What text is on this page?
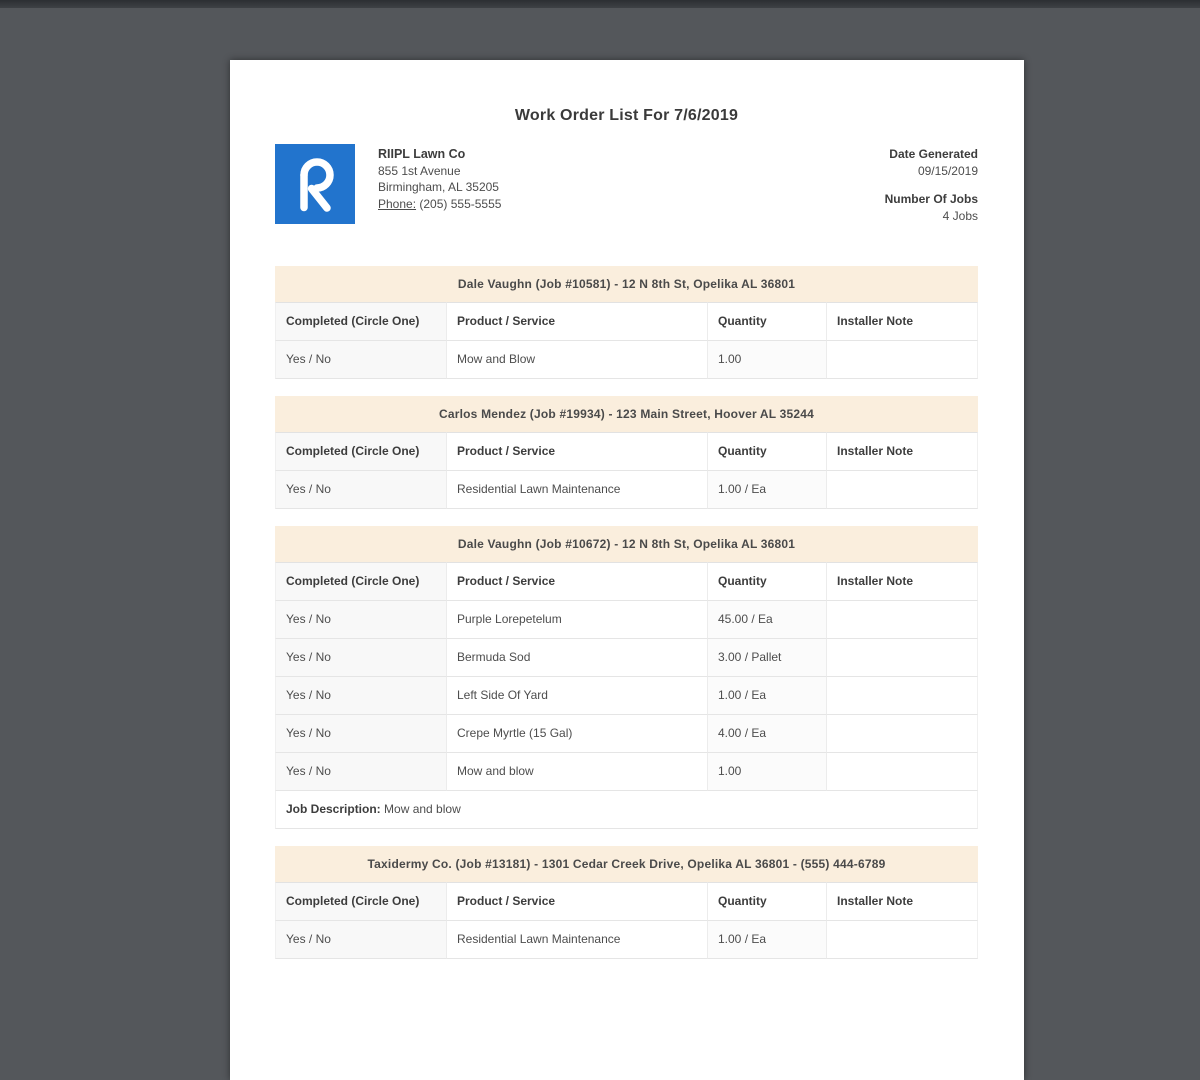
Work Order List For 7/6/2019
RIIPL Lawn Co
855 1st Avenue
Birmingham, AL 35205
Phone: (205) 555-5555
Date Generated
09/15/2019
Number Of Jobs
4 Jobs
Dale Vaughn (Job #10581) - 12 N 8th St, Opelika AL 36801
Completed (Circle One)	Product / Service	Quantity	Installer Note
Yes / No	Mow and Blow	1.00
Carlos Mendez (Job #19934) - 123 Main Street, Hoover AL 35244
Completed (Circle One)	Product / Service	Quantity	Installer Note
Yes / No	Residential Lawn Maintenance	1.00 / Ea
Dale Vaughn (Job #10672) - 12 N 8th St, Opelika AL 36801
Completed (Circle One)	Product / Service	Quantity	Installer Note
Yes / No	Purple Lorepetelum	45.00 / Ea
Yes / No	Bermuda Sod	3.00 / Pallet
Yes / No	Left Side Of Yard	1.00 / Ea
Yes / No	Crepe Myrtle (15 Gal)	4.00 / Ea
Yes / No	Mow and blow	1.00
Job Description: Mow and blow
Taxidermy Co. (Job #13181) - 1301 Cedar Creek Drive, Opelika AL 36801 - (555) 444-6789
Completed (Circle One)	Product / Service	Quantity	Installer Note
Yes / No	Residential Lawn Maintenance	1.00 / Ea
